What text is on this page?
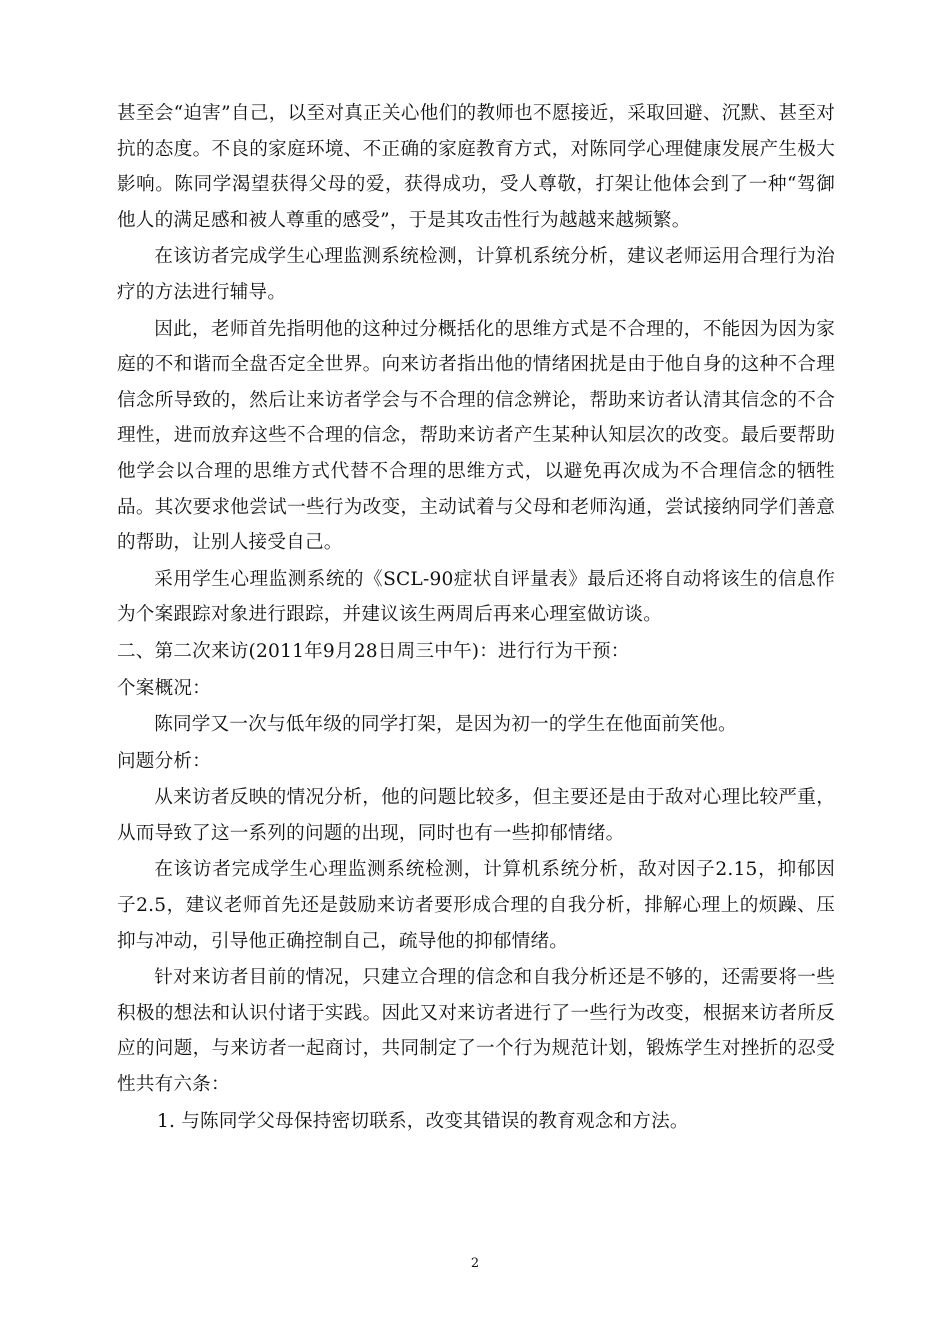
甚至会“迫害”自己，以至对真正关心他们的教师也不愿接近，采取回避、沉默、甚至对抗的态度。不良的家庭环境、不正确的家庭教育方式，对陈同学心理健康发展产生极大影响。陈同学渴望获得父母的爱，获得成功，受人尊敬，打架让他体会到了一种“驾御他人的满足感和被人尊重的感受”，于是其攻击性行为越越来越频繁。

在该访者完成学生心理监测系统检测，计算机系统分析，建议老师运用合理行为治疗的方法进行辅导。

因此，老师首先指明他的这种过分概括化的思维方式是不合理的，不能因为因为家庭的不和谐而全盘否定全世界。向来访者指出他的情绪困扰是由于他自身的这种不合理信念所导致的，然后让来访者学会与不合理的信念辨论，帮助来访者认清其信念的不合理性，进而放弃这些不合理的信念，帮助来访者产生某种认知层次的改变。最后要帮助他学会以合理的思维方式代替不合理的思维方式，以避免再次成为不合理信念的牺牲品。其次要求他尝试一些行为改变，主动试着与父母和老师沟通，尝试接纳同学们善意的帮助，让别人接受自己。

采用学生心理监测系统的《SCL-90症状自评量表》最后还将自动将该生的信息作为个案跟踪对象进行跟踪，并建议该生两周后再来心理室做访谈。

二、第二次来访(2011年9月28日周三中午)：进行行为干预：

个案概况：

陈同学又一次与低年级的同学打架，是因为初一的学生在他面前笑他。

问题分析：

从来访者反映的情况分析，他的问题比较多，但主要还是由于敌对心理比较严重，从而导致了这一系列的问题的出现，同时也有一些抑郁情绪。

在该访者完成学生心理监测系统检测，计算机系统分析，敌对因子2.15，抑郁因子2.5，建议老师首先还是鼓励来访者要形成合理的自我分析，排解心理上的烦躁、压抑与冲动，引导他正确控制自己，疏导他的抑郁情绪。

针对来访者目前的情况，只建立合理的信念和自我分析还是不够的，还需要将一些积极的想法和认识付诸于实践。因此又对来访者进行了一些行为改变，根据来访者所反应的问题，与来访者一起商讨，共同制定了一个行为规范计划，锻炼学生对挫折的忍受性共有六条：

1. 与陈同学父母保持密切联系，改变其错误的教育观念和方法。

2
